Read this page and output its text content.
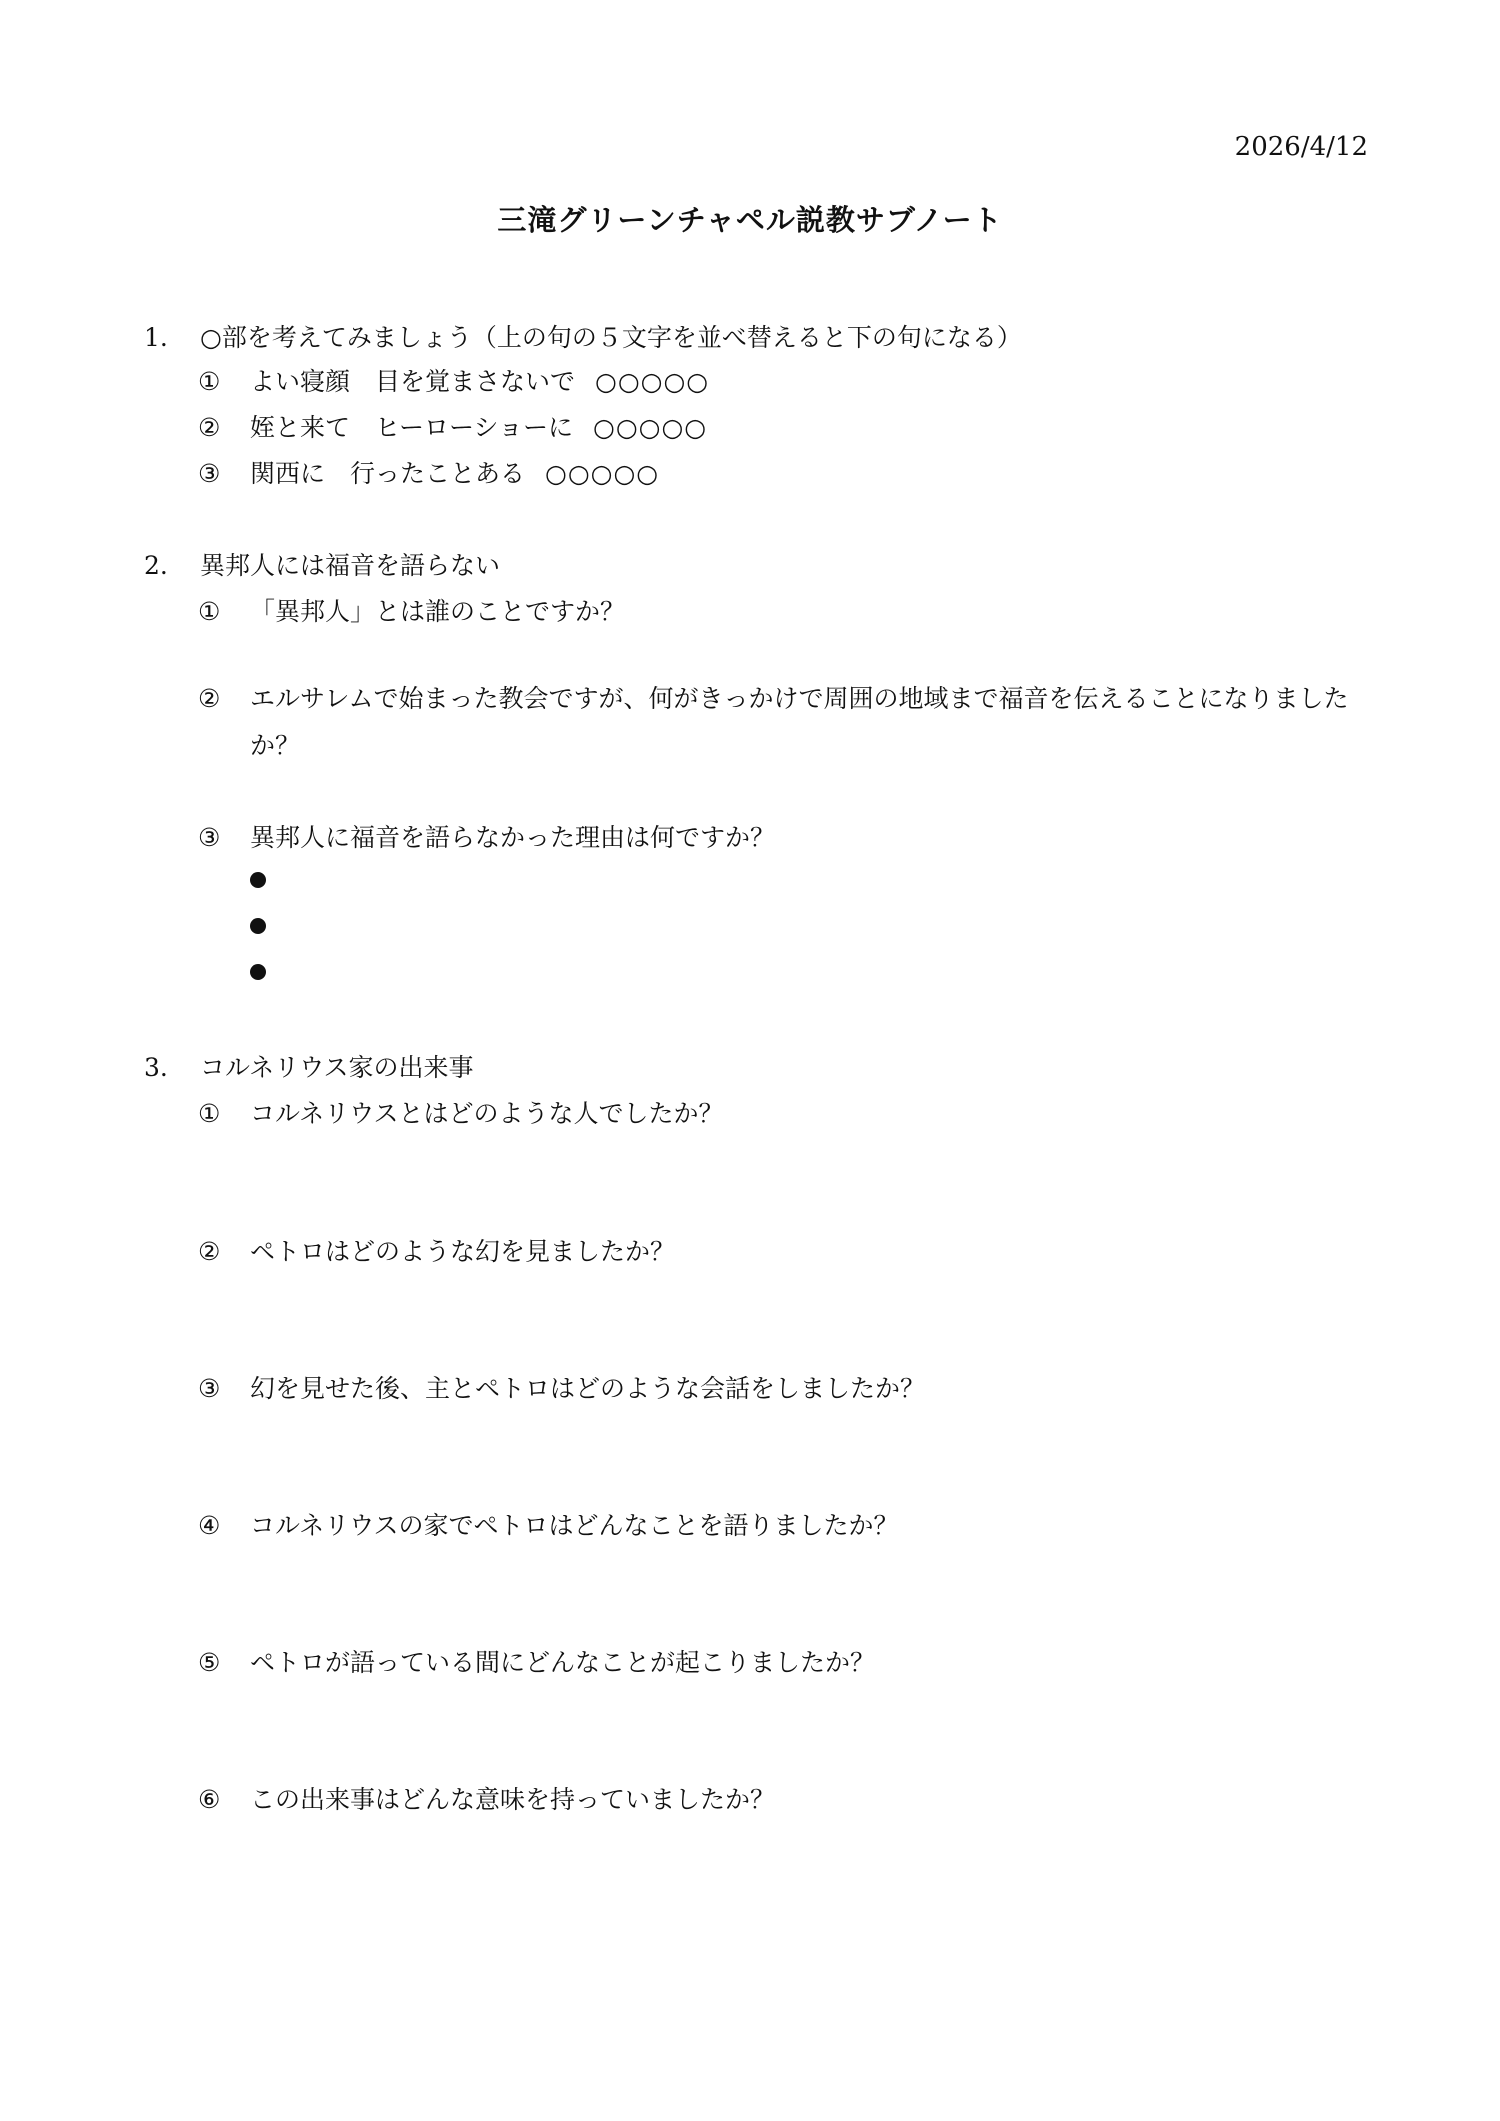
2026/4/12
三滝グリーンチャペル説教サブノート
1. ○部を考えてみましょう（上の句の５文字を並べ替えると下の句になる）
① よい寝顔　目を覚まさないで ○○○○○
② 姪と来て　ヒーローショーに ○○○○○
③ 関西に　行ったことある ○○○○○
2. 異邦人には福音を語らない
① 「異邦人」とは誰のことですか？
② エルサレムで始まった教会ですが、何がきっかけで周囲の地域まで福音を伝えることになりましたか？
③ 異邦人に福音を語らなかった理由は何ですか？
3. コルネリウス家の出来事
① コルネリウスとはどのような人でしたか？
② ペトロはどのような幻を見ましたか？
③ 幻を見せた後、主とペトロはどのような会話をしましたか？
④ コルネリウスの家でペトロはどんなことを語りましたか？
⑤ ペトロが語っている間にどんなことが起こりましたか？
⑥ この出来事はどんな意味を持っていましたか？
